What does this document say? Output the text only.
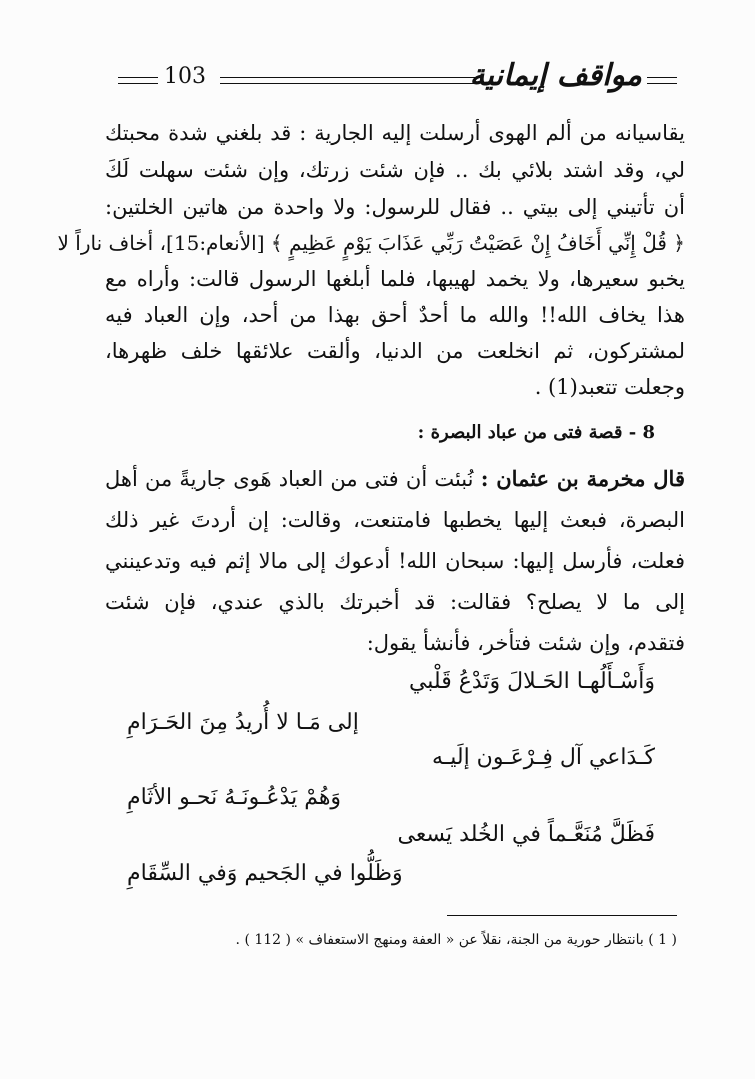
103	مواقف إيمانية
يقاسيانه من ألم الهوى أرسلت إليه الجارية : قد بلغني شدة محبتك
لي، وقد اشتد بلائي بك .. فإن شئت زرتك، وإن شئت سهلت لَكَ
أن تأتيني إلى بيتي .. فقال للرسول: ولا واحدة من هاتين الخلتين:
﴿ قُلْ إِنِّي أَخَافُ إِنْ عَصَيْتُ رَبِّي عَذَابَ يَوْمٍ عَظِيمٍ ﴾ [الأنعام:15]، أخاف ناراً لا
يخبو سعيرها، ولا يخمد لهيبها، فلما أبلغها الرسول قالت: وأراه مع
هذا يخاف الله!! والله ما أحدٌ أحق بهذا من أحد، وإن العباد فيه
لمشتركون، ثم انخلعت من الدنيا، وألقت علائقها خلف ظهرها،
وجعلت تتعبد(1) .
8 - قصة فتى من عباد البصرة :
قال مخرمة بن عثمان : نُبئت أن فتى من العباد هَوى جاريةً من أهل
البصرة، فبعث إليها يخطبها فامتنعت، وقالت: إن أردتَ غير ذلك
فعلت، فأرسل إليها: سبحان الله! أدعوك إلى مالا إثم فيه وتدعينني
إلى ما لا يصلح؟ فقالت: قد أخبرتك بالذي عندي، فإن شئت
فتقدم، وإن شئت فتأخر، فأنشأ يقول:
وَأَسْـأَلُهـا الحَـلالَ وَتَدْعُ قَلْبي
إلى مَـا لا أُريدُ مِنَ الحَـرَامِ
كَـدَاعي آل فِـرْعَـون إلَيـه
وَهُمْ يَدْعُـونَـهُ نَحـو الأثَامِ
فَظَلَّ مُنَعَّـماً في الخُلد يَسعى
وَظَلُّوا في الجَحيم وَفي السِّقَامِ
( 1 ) بانتظار حورية من الجنة، نقلاً عن « العفة ومنهج الاستعفاف » ( 112 ) .
